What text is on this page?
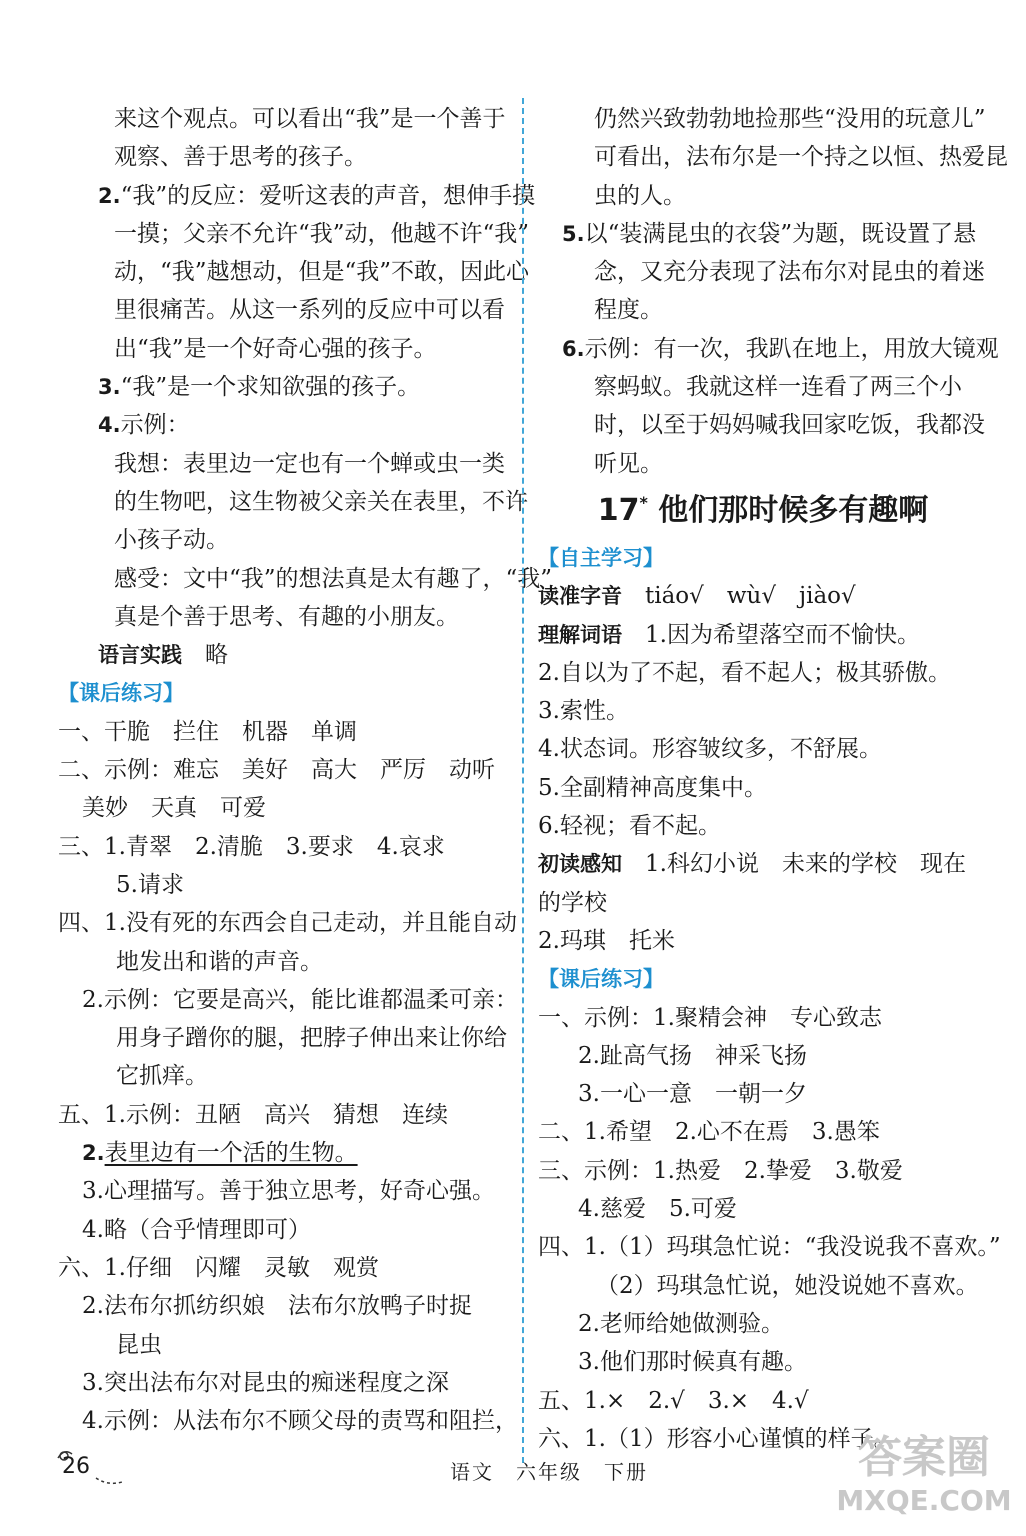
来这个观点。可以看出“我”是一个善于
观察、善于思考的孩子。
2.“我”的反应：爱听这表的声音，想伸手摸
一摸；父亲不允许“我”动，他越不许“我”
动，“我”越想动，但是“我”不敢，因此心
里很痛苦。从这一系列的反应中可以看
出“我”是一个好奇心强的孩子。
3.“我”是一个求知欲强的孩子。
4.示例：
我想：表里边一定也有一个蝉或虫一类
的生物吧，这生物被父亲关在表里，不许
小孩子动。
感受：文中“我”的想法真是太有趣了，“我”
真是个善于思考、有趣的小朋友。
语言实践　 略
【课后练习】
一、干脆　拦住　机器　单调
二、示例：难忘　美好　高大　严厉　动听
美妙　天真　可爱
三、1.青翠　2.清脆　3.要求　4.哀求
5.请求
四、1.没有死的东西会自己走动，并且能自动
地发出和谐的声音。
2.示例：它要是高兴，能比谁都温柔可亲：
用身子蹭你的腿，把脖子伸出来让你给
它抓痒。
五、1.示例：丑陋　高兴　猜想　连续
2.表里边有一个活的生物。
3.心理描写。善于独立思考，好奇心强。
4.略（合乎情理即可）
六、1.仔细　闪耀　灵敏　观赏
2.法布尔抓纺织娘　法布尔放鸭子时捉
昆虫
3.突出法布尔对昆虫的痴迷程度之深
4.示例：从法布尔不顾父母的责骂和阻拦，
仍然兴致勃勃地捡那些“没用的玩意儿”
可看出，法布尔是一个持之以恒、热爱昆
虫的人。
5.以“装满昆虫的衣袋”为题，既设置了悬
念，又充分表现了法布尔对昆虫的着迷
程度。
6.示例：有一次，我趴在地上，用放大镜观
察蚂蚁。我就这样一连看了两三个小
时，以至于妈妈喊我回家吃饭，我都没
听见。
17* 他们那时候多有趣啊
【自主学习】
读准字音　tiáo√　wù√　jiào√
理解词语　1.因为希望落空而不愉快。
2.自以为了不起，看不起人；极其骄傲。
3.索性。
4.状态词。形容皱纹多，不舒展。
5.全副精神高度集中。
6.轻视；看不起。
初读感知　1.科幻小说　未来的学校　现在
的学校
2.玛琪　托米
【课后练习】
一、示例：1.聚精会神　专心致志
2.趾高气扬　神采飞扬
3.一心一意　一朝一夕
二、1.希望　2.心不在焉　3.愚笨
三、示例：1.热爱　2.挚爱　3.敬爱
4.慈爱　5.可爱
四、1.（1）玛琪急忙说：“我没说我不喜欢。”
（2）玛琪急忙说，她没说她不喜欢。
2.老师给她做测验。
3.他们那时候真有趣。
五、1.×　2.√　3.×　4.√
六、1.（1）形容小心谨慎的样子。
26	语文　六年级　下册	答案圈
MXQE.COM
